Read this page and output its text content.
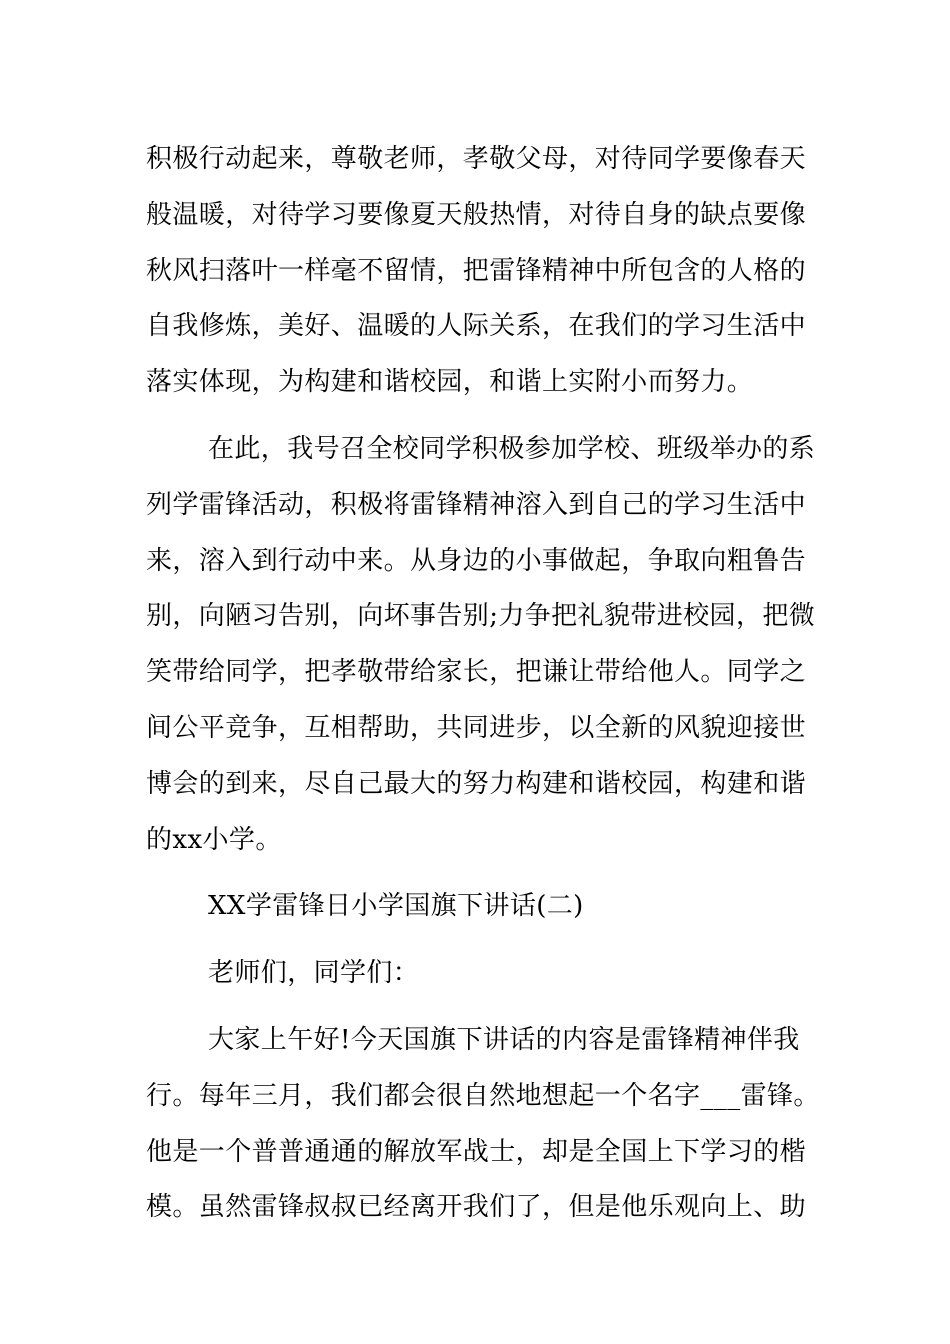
积极行动起来，尊敬老师，孝敬父母，对待同学要像春天
般温暖，对待学习要像夏天般热情，对待自身的缺点要像
秋风扫落叶一样毫不留情，把雷锋精神中所包含的人格的
自我修炼，美好、温暖的人际关系，在我们的学习生活中
落实体现，为构建和谐校园，和谐上实附小而努力。
在此，我号召全校同学积极参加学校、班级举办的系
列学雷锋活动，积极将雷锋精神溶入到自己的学习生活中
来，溶入到行动中来。从身边的小事做起，争取向粗鲁告
别，向陋习告别，向坏事告别;力争把礼貌带进校园，把微
笑带给同学，把孝敬带给家长，把谦让带给他人。同学之
间公平竞争，互相帮助，共同进步，以全新的风貌迎接世
博会的到来，尽自己最大的努力构建和谐校园，构建和谐
的xx小学。
XX学雷锋日小学国旗下讲话(二)
老师们，同学们：
大家上午好!今天国旗下讲话的内容是雷锋精神伴我
行。每年三月，我们都会很自然地想起一个名字___雷锋。
他是一个普普通通的解放军战士，却是全国上下学习的楷
模。虽然雷锋叔叔已经离开我们了，但是他乐观向上、助
